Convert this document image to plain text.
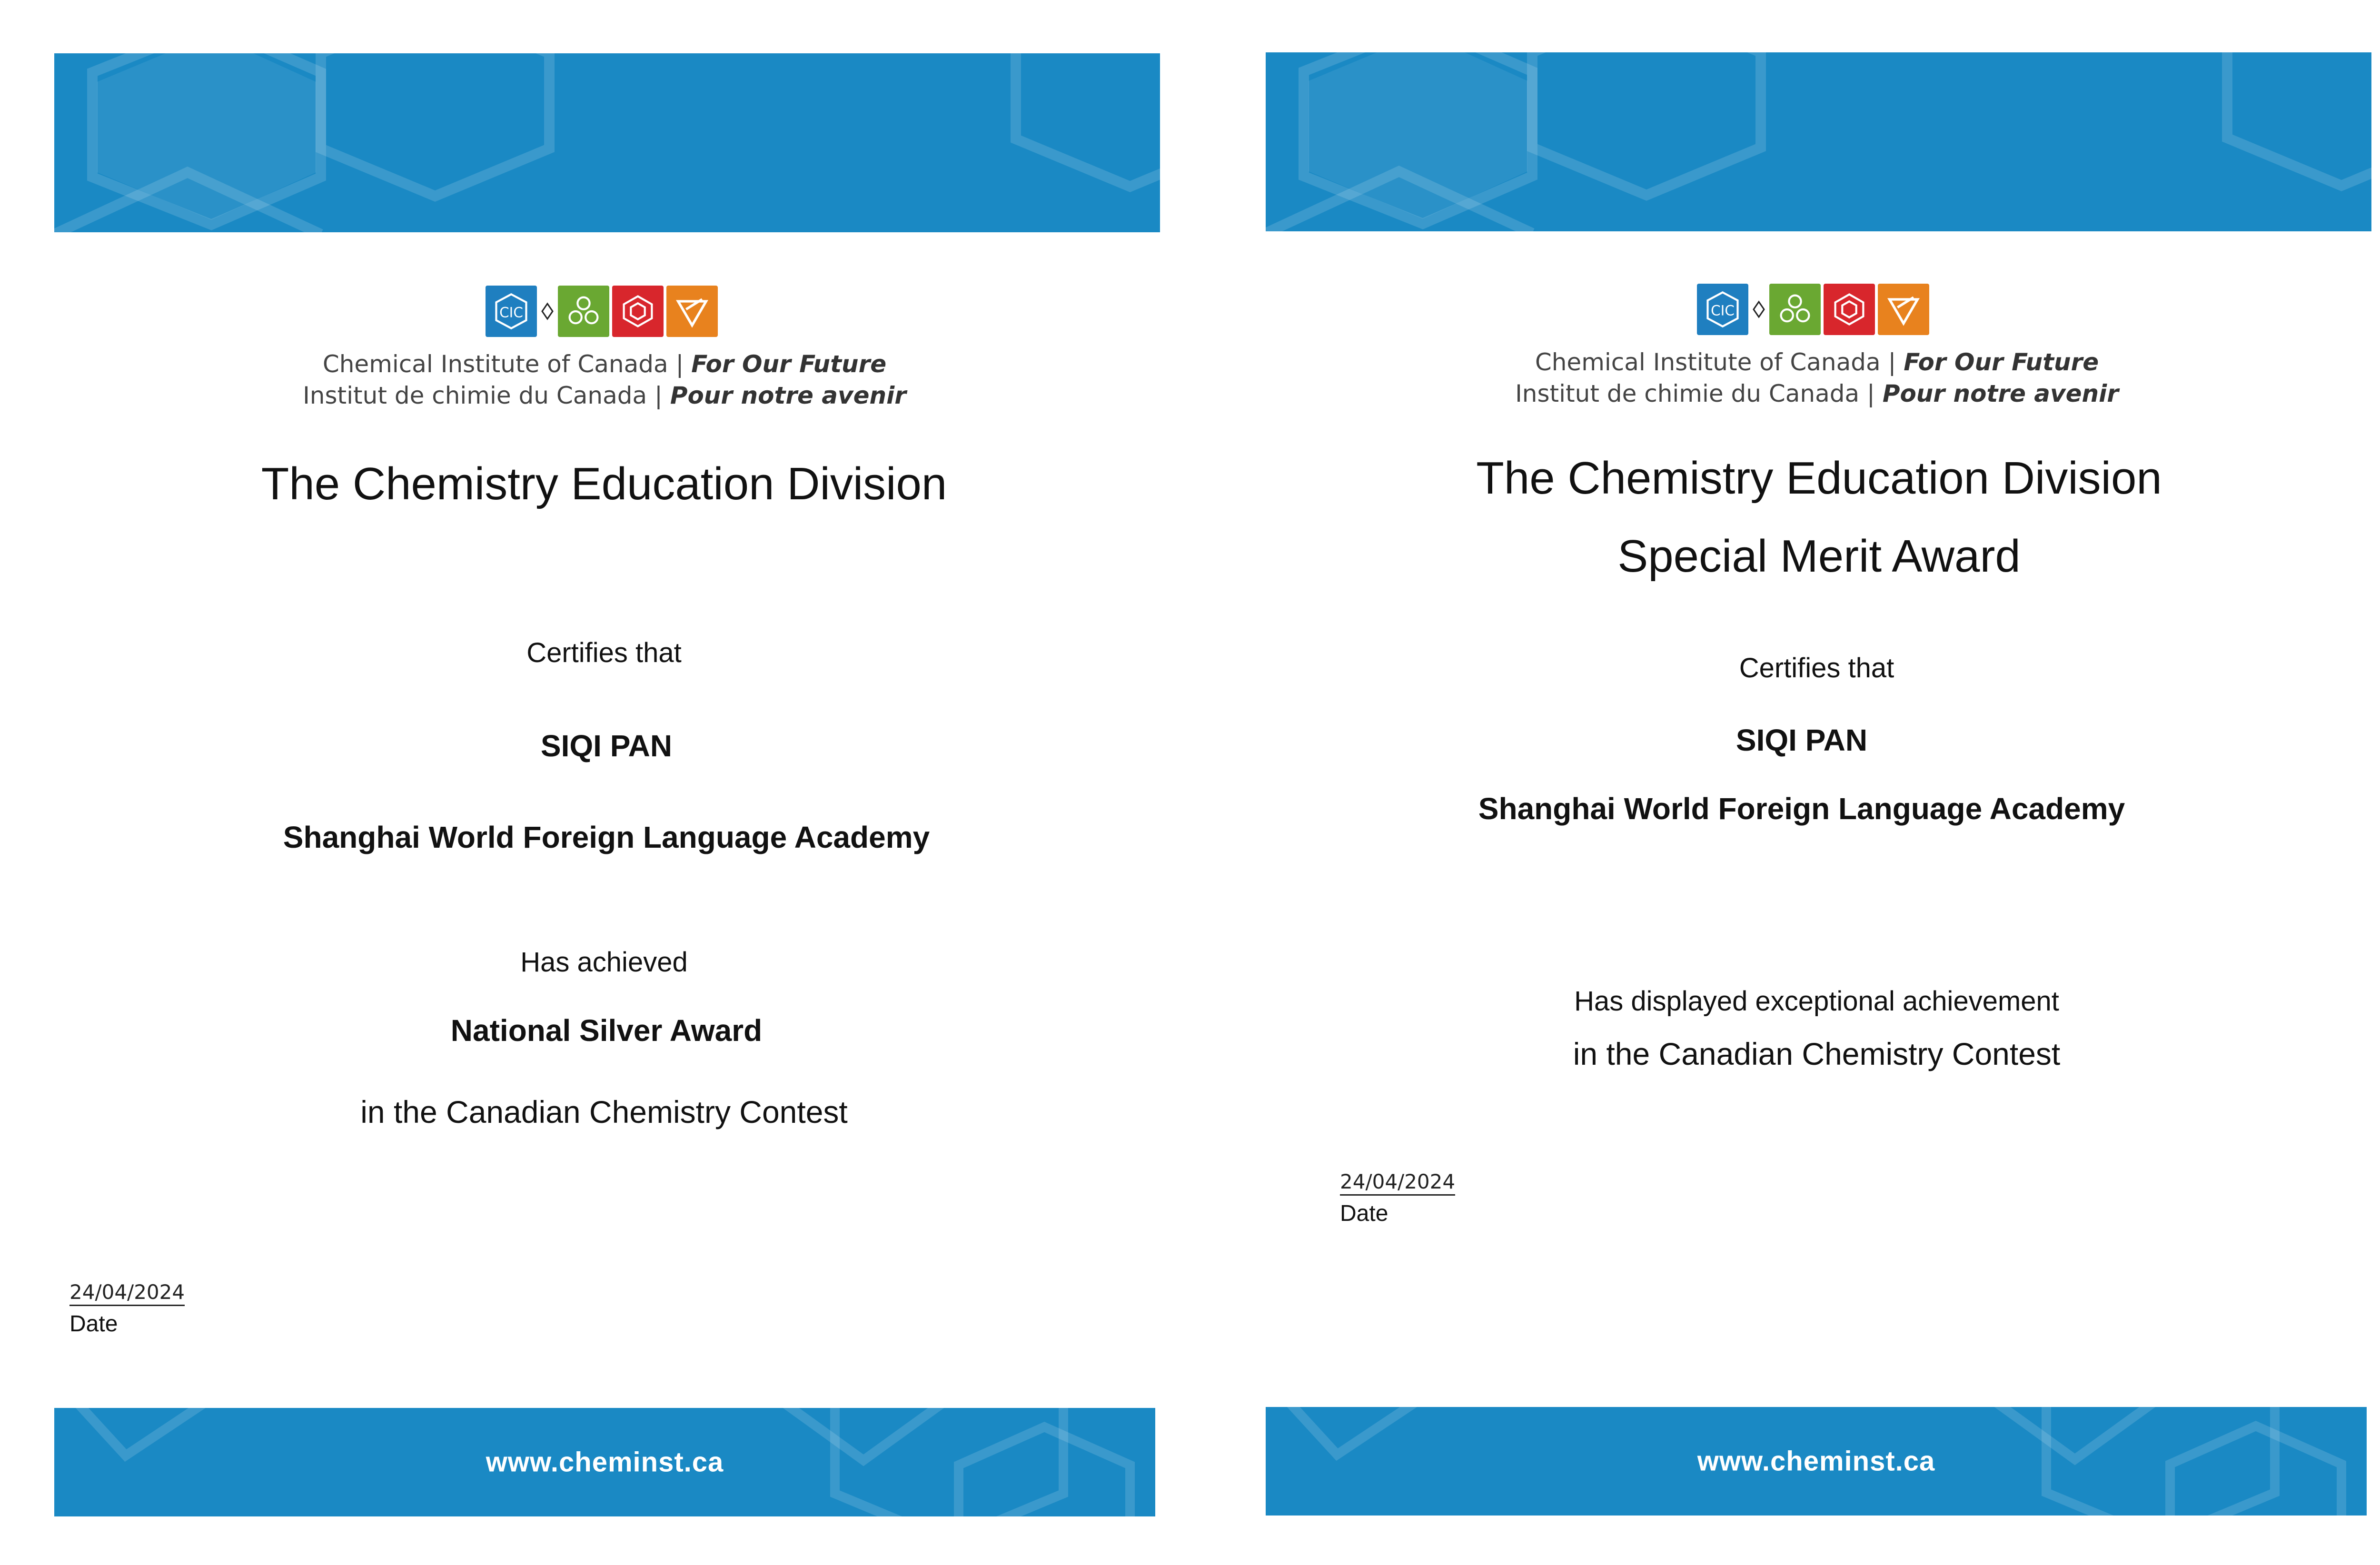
CIC
Chemical Institute of Canada | For Our Future
Institut de chimie du Canada | Pour notre avenir
The Chemistry Education Division
Certifies that
SIQI PAN
Shanghai World Foreign Language Academy
Has achieved
National Silver Award
in the Canadian Chemistry Contest
24/04/2024
Date
www.cheminst.ca
CIC
Chemical Institute of Canada | For Our Future
Institut de chimie du Canada | Pour notre avenir
The Chemistry Education Division
Special Merit Award
Certifies that
SIQI PAN
Shanghai World Foreign Language Academy
Has displayed exceptional achievement
in the Canadian Chemistry Contest
24/04/2024
Date
www.cheminst.ca
